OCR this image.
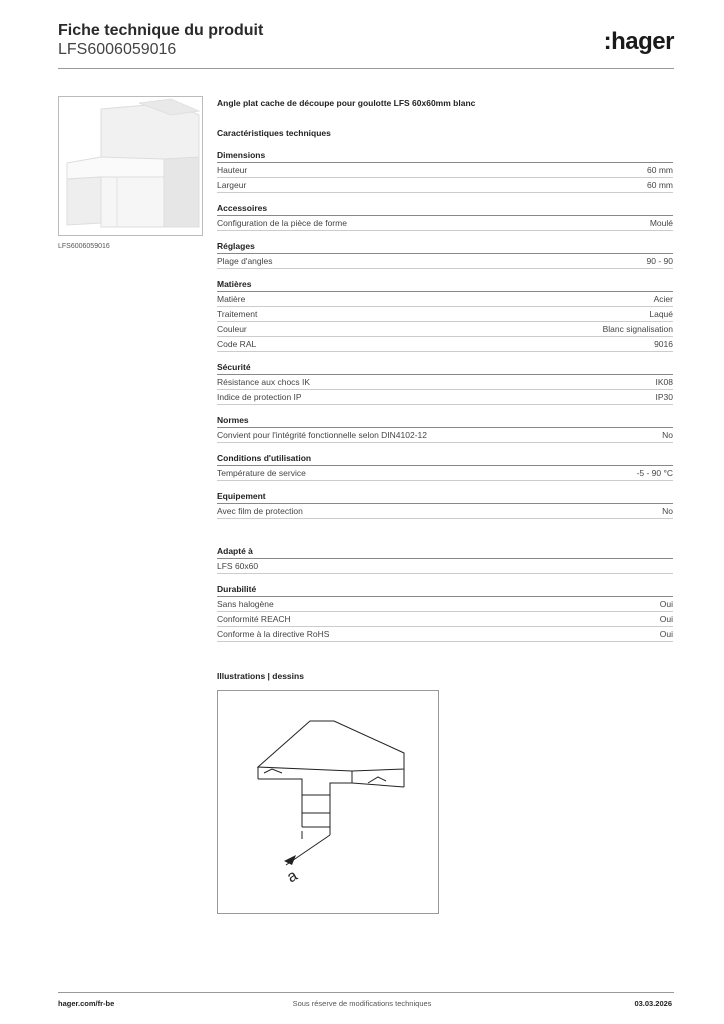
Fiche technique du produit
LFS6006059016	:hager
LFS6006059016
Angle plat cache de découpe pour goulotte LFS 60x60mm blanc
Caractéristiques techniques
Dimensions
Hauteur	60 mm
Largeur	60 mm
Accessoires
Configuration de la pièce de forme	Moulé
Réglages
Plage d'angles	90 - 90
Matières
Matière	Acier
Traitement	Laqué
Couleur	Blanc signalisation
Code RAL	9016
Sécurité
Résistance aux chocs IK	IK08
Indice de protection IP	IP30
Normes
Convient pour l'intégrité fonctionnelle selon DIN4102-12	No
Conditions d'utilisation
Température de service	-5 - 90 °C
Equipement
Avec film de protection	No
Adapté à
LFS 60x60
Durabilité
Sans halogène	Oui
Conformité REACH	Oui
Conforme à la directive RoHS	Oui
Illustrations | dessins
a
hager.com/fr-be	Sous réserve de modifications techniques	03.03.2026
